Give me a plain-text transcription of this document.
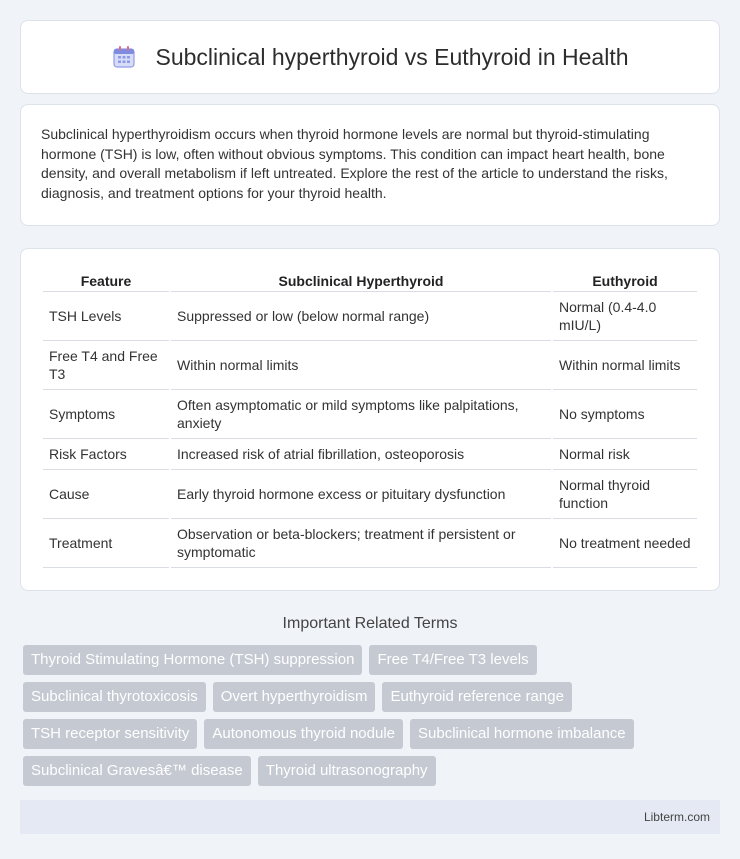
Subclinical hyperthyroid vs Euthyroid in Health

Subclinical hyperthyroidism occurs when thyroid hormone levels are normal but thyroid-stimulating hormone (TSH) is low, often without obvious symptoms. This condition can impact heart health, bone density, and overall metabolism if left untreated. Explore the rest of the article to understand the risks, diagnosis, and treatment options for your thyroid health.

Feature	Subclinical Hyperthyroid	Euthyroid
TSH Levels	Suppressed or low (below normal range)	Normal (0.4-4.0 mIU/L)
Free T4 and Free T3	Within normal limits	Within normal limits
Symptoms	Often asymptomatic or mild symptoms like palpitations, anxiety	No symptoms
Risk Factors	Increased risk of atrial fibrillation, osteoporosis	Normal risk
Cause	Early thyroid hormone excess or pituitary dysfunction	Normal thyroid function
Treatment	Observation or beta-blockers; treatment if persistent or symptomatic	No treatment needed
Important Related Terms
Thyroid Stimulating Hormone (TSH) suppression	Free T4/Free T3 levels
Subclinical thyrotoxicosis	Overt hyperthyroidism	Euthyroid reference range
TSH receptor sensitivity	Autonomous thyroid nodule	Subclinical hormone imbalance
Subclinical Gravesâ€™ disease	Thyroid ultrasonography
Libterm.com
